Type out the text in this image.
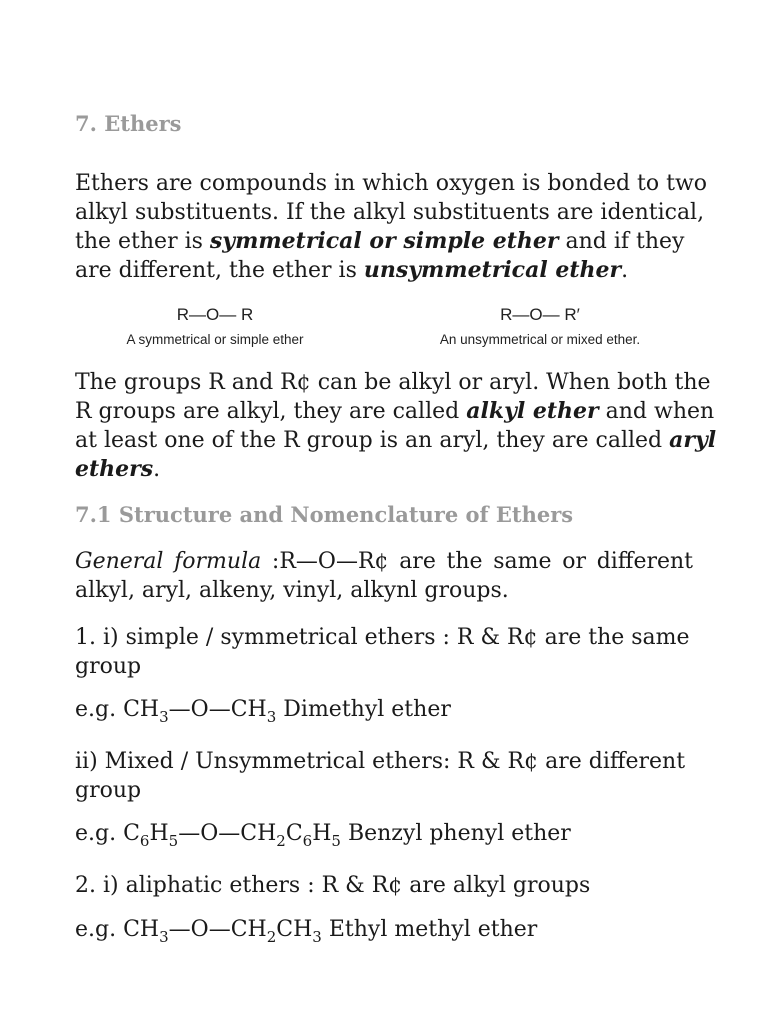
7. Ethers
Ethers are compounds in which oxygen is bonded to two
alkyl substituents. If the alkyl substituents are identical,
the ether is symmetrical or simple ether and if they
are different, the ether is unsymmetrical ether.
R—O— R
A symmetrical or simple ether
R—O— R′
An unsymmetrical or mixed ether.
The groups R and R¢ can be alkyl or aryl. When both the
R groups are alkyl, they are called alkyl ether and when
at least one of the R group is an aryl, they are called aryl
ethers.
7.1 Structure and Nomenclature of Ethers
General formula :R—O—R¢ are the same or different
alkyl, aryl, alkeny, vinyl, alkynl groups.
1. i) simple / symmetrical ethers : R & R¢ are the same
group
e.g. $CH_3—O—CH_3$ Dimethyl ether
ii) Mixed / Unsymmetrical ethers: R & R¢ are different
group
e.g. $C_6H_5—O—CH_2C_6H_5$ Benzyl phenyl ether
2. i) aliphatic ethers : R & R¢ are alkyl groups
e.g. $CH_3—O—CH_2CH_3$ Ethyl methyl ether
